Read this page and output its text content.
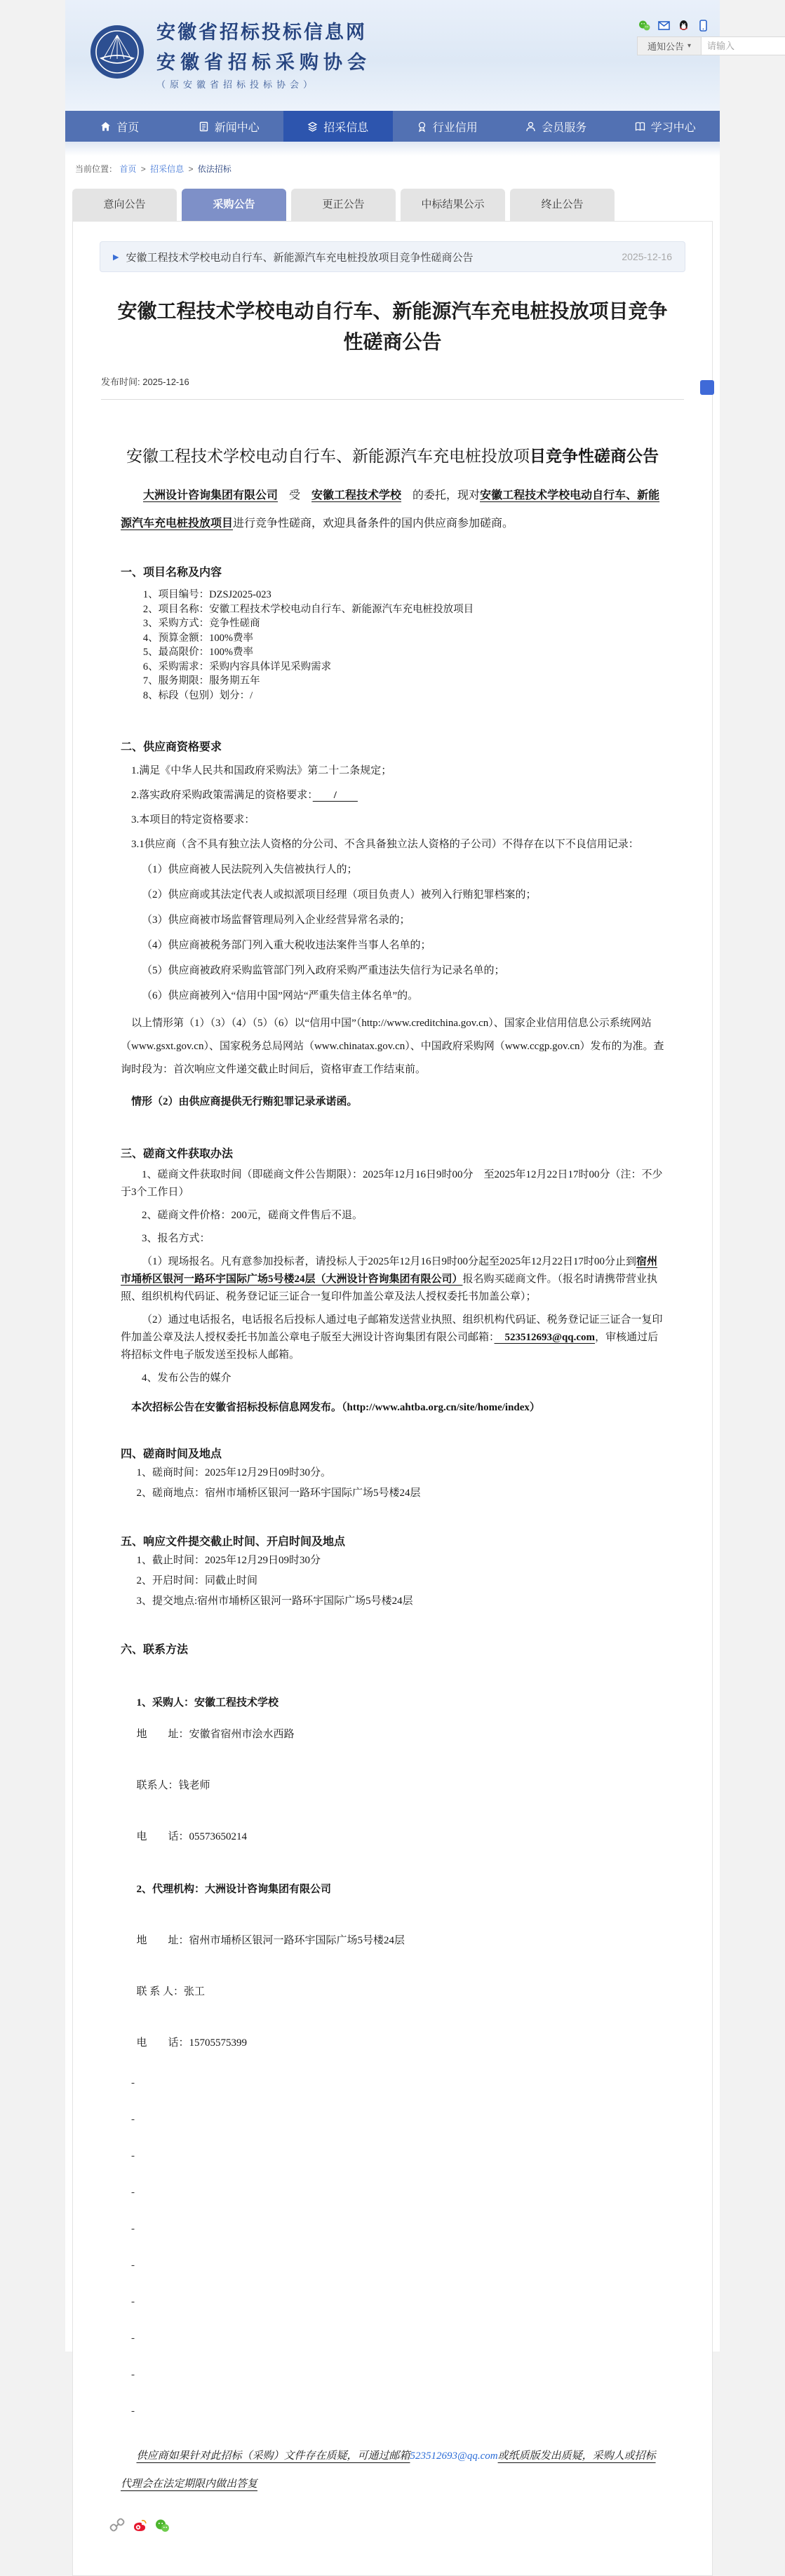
安徽省招标投标信息网
安徽省招标采购协会
（原安徽省招标投标协会）
通知公告 ▾
请输入
首页	新闻中心	招采信息	行业信用	会员服务	学习中心
当前位置： 首页 > 招采信息 > 依法招标
意向公告	采购公告	更正公告	中标结果公示	终止公告
▶ 安徽工程技术学校电动自行车、新能源汽车充电桩投放项目竞争性磋商公告	2025-12-16
安徽工程技术学校电动自行车、新能源汽车充电桩投放项目竞争性磋商公告
发布时间: 2025-12-16
安徽工程技术学校电动自行车、新能源汽车充电桩投放项目竞争性磋商公告

大洲设计咨询集团有限公司　受　安徽工程技术学校　的委托，现对安徽工程技术学校电动自行车、新能源汽车充电桩投放项目进行竞争性磋商，欢迎具备条件的国内供应商参加磋商。

一、项目名称及内容
1、项目编号：DZSJ2025-023
2、项目名称：安徽工程技术学校电动自行车、新能源汽车充电桩投放项目
3、采购方式：竞争性磋商
4、预算金额：100%费率
5、最高限价：100%费率
6、采购需求：采购内容具体详见采购需求
7、服务期限：服务期五年
8、标段（包别）划分：/
二、供应商资格要求

1.满足《中华人民共和国政府采购法》第二十二条规定；

2.落实政府采购政策需满足的资格要求：　　/　　

3.本项目的特定资格要求：

3.1供应商（含不具有独立法人资格的分公司、不含具备独立法人资格的子公司）不得存在以下不良信用记录：

（1）供应商被人民法院列入失信被执行人的；

（2）供应商或其法定代表人或拟派项目经理（项目负责人）被列入行贿犯罪档案的；

（3）供应商被市场监督管理局列入企业经营异常名录的；

（4）供应商被税务部门列入重大税收违法案件当事人名单的；

（5）供应商被政府采购监管部门列入政府采购严重违法失信行为记录名单的；

（6）供应商被列入“信用中国”网站“严重失信主体名单”的。

以上情形第（1）（3）（4）（5）（6）以“信用中国”（http://www.creditchina.gov.cn）、国家企业信用信息公示系统网站（www.gsxt.gov.cn）、国家税务总局网站（www.chinatax.gov.cn）、中国政府采购网（www.ccgp.gov.cn）发布的为准。查询时段为：首次响应文件递交截止时间后，资格审查工作结束前。

情形（2）由供应商提供无行贿犯罪记录承诺函。

三、磋商文件获取办法

1、磋商文件获取时间（即磋商文件公告期限）：2025年12月16日9时00分　至2025年12月22日17时00分（注：不少于3个工作日）

2、磋商文件价格：200元，磋商文件售后不退。

3、报名方式：

（1）现场报名。凡有意参加投标者，请投标人于2025年12月16日9时00分起至2025年12月22日17时00分止到宿州市埇桥区银河一路环宇国际广场5号楼24层（大洲设计咨询集团有限公司）报名购买磋商文件。（报名时请携带营业执照、组织机构代码证、税务登记证三证合一复印件加盖公章及法人授权委托书加盖公章）；

（2）通过电话报名，电话报名后投标人通过电子邮箱发送营业执照、组织机构代码证、税务登记证三证合一复印件加盖公章及法人授权委托书加盖公章电子版至大洲设计咨询集团有限公司邮箱：　523512693@qq.com，审核通过后将招标文件电子版发送至投标人邮箱。

4、发布公告的媒介

本次招标公告在安徽省招标投标信息网发布。（http://www.ahtba.org.cn/site/home/index）

四、磋商时间及地点

1、磋商时间：2025年12月29日09时30分。

2、磋商地点：宿州市埇桥区银河一路环宇国际广场5号楼24层

五、响应文件提交截止时间、开启时间及地点

1、截止时间：2025年12月29日09时30分

2、开启时间：同截止时间

3、提交地点:宿州市埇桥区银河一路环宇国际广场5号楼24层

六、联系方法
1、采购人：安徽工程技术学校
地　　址：安徽省宿州市浍水西路
联系人：钱老师
电　　话：05573650214
2、代理机构：大洲设计咨询集团有限公司
地　　址：宿州市埇桥区银河一路环宇国际广场5号楼24层
联 系 人：张工
电　　话：15705575399
-
-
-
-
-
-
-
-
-
-

供应商如果针对此招标（采购）文件存在质疑，可通过邮箱523512693@qq.com或纸质版发出质疑，采购人或招标代理会在法定期限内做出答复
